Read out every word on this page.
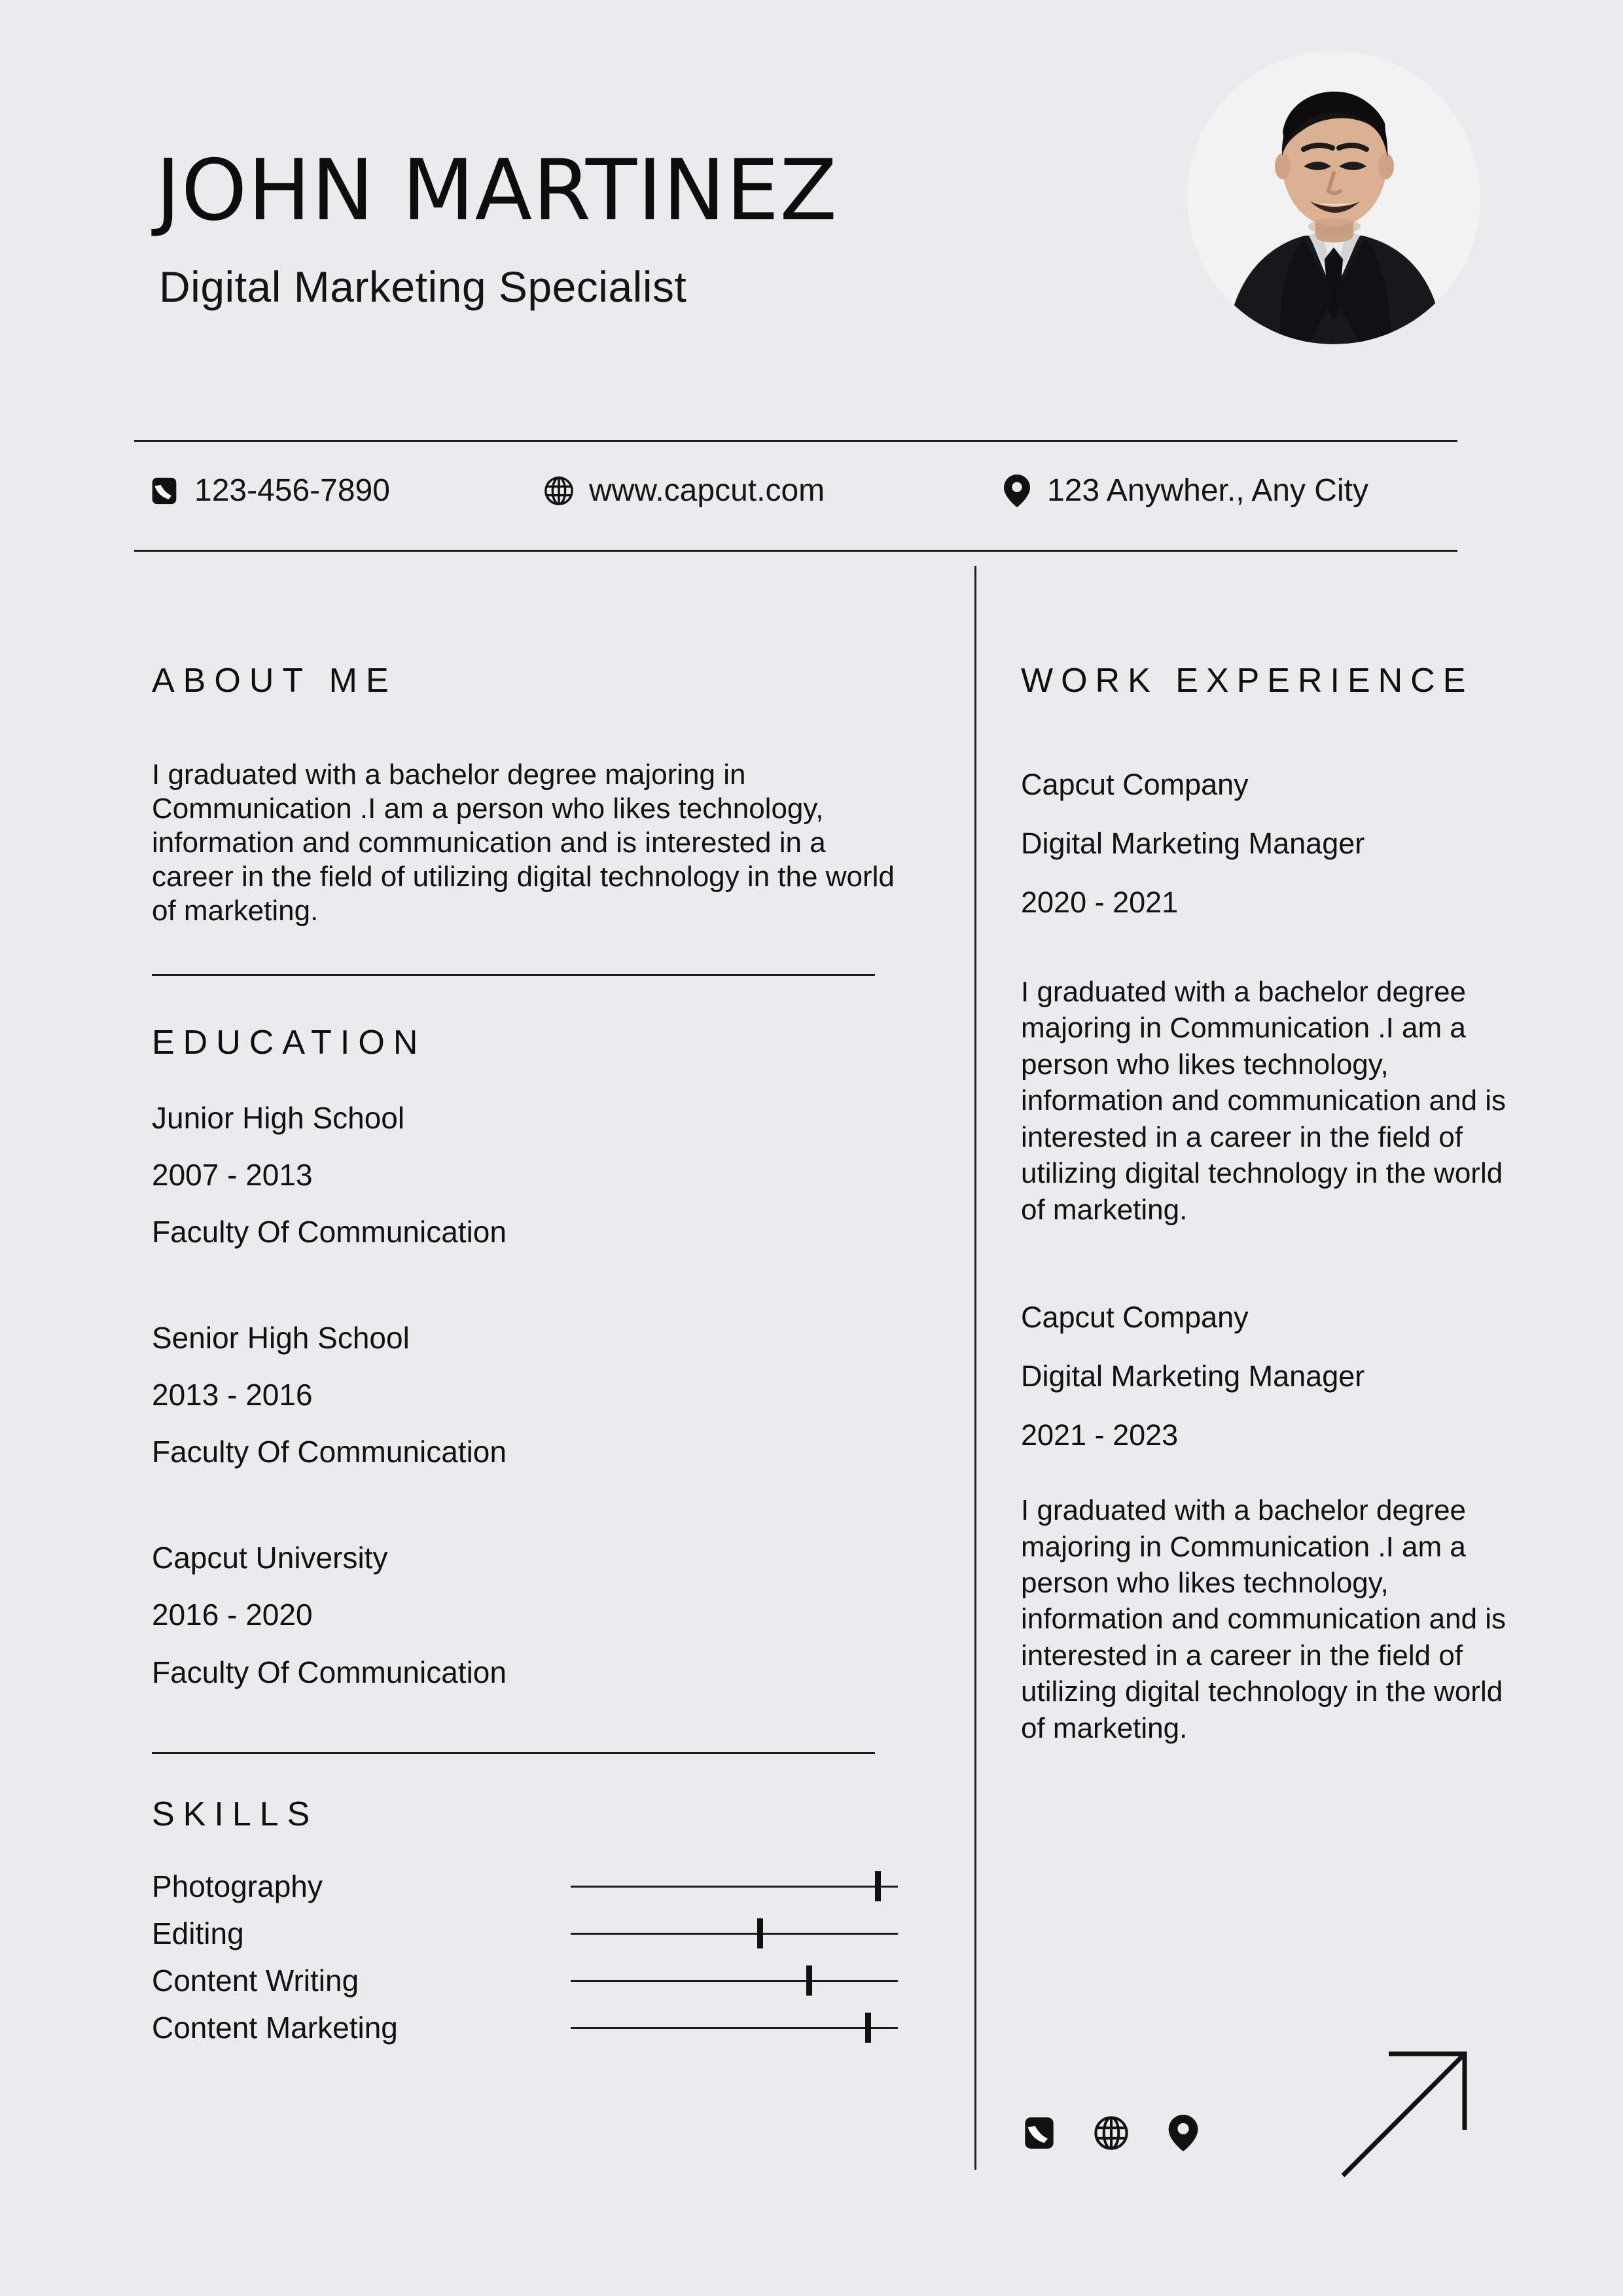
JOHN MARTINEZ
Digital Marketing Specialist
123-456-7890	www.capcut.com	123 Anywher., Any City
ABOUT ME
I graduated with a bachelor degree majoring in Communication .I am a person who likes technology, information and communication and is interested in a career in the field of utilizing digital technology in the world of marketing.
EDUCATION
Junior High School
2007 - 2013
Faculty Of Communication
Senior High School
2013 - 2016
Faculty Of Communication
Capcut University
2016 - 2020
Faculty Of Communication
SKILLS
Photography
Editing
Content Writing
Content Marketing
WORK EXPERIENCE
Capcut Company
Digital Marketing Manager
2020 - 2021
I graduated with a bachelor degree majoring in Communication .I am a person who likes technology, information and communication and is interested in a career in the field of utilizing digital technology in the world of marketing.
Capcut Company
Digital Marketing Manager
2021 - 2023
I graduated with a bachelor degree majoring in Communication .I am a person who likes technology, information and communication and is interested in a career in the field of utilizing digital technology in the world of marketing.
